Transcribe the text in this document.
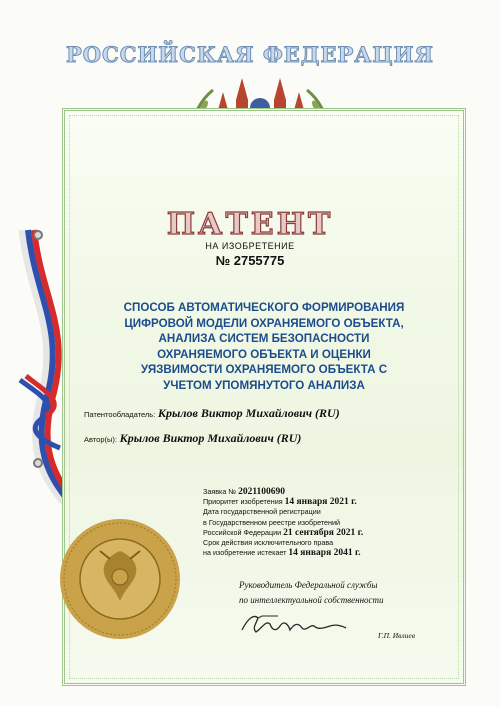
РОССИЙСКАЯ ФЕДЕРАЦИЯ
ПАТЕНТ
НА ИЗОБРЕТЕНИЕ
№ 2755775
СПОСОБ АВТОМАТИЧЕСКОГО ФОРМИРОВАНИЯ
ЦИФРОВОЙ МОДЕЛИ ОХРАНЯЕМОГО ОБЪЕКТА,
АНАЛИЗА СИСТЕМ БЕЗОПАСНОСТИ
ОХРАНЯЕМОГО ОБЪЕКТА И ОЦЕНКИ
УЯЗВИМОСТИ ОХРАНЯЕМОГО ОБЪЕКТА С
УЧЕТОМ УПОМЯНУТОГО АНАЛИЗА
Патентообладатель: Крылов Виктор Михайлович (RU)
Автор(ы): Крылов Виктор Михайлович (RU)
Заявка № 2021100690
Приоритет изобретения 14 января 2021 г.
Дата государственной регистрации
в Государственном реестре изобретений
Российской Федерации 21 сентября 2021 г.
Срок действия исключительного права
на изобретение истекает 14 января 2041 г.
Руководитель Федеральной службы
по интеллектуальной собственности
Г.П. Ивлиев
